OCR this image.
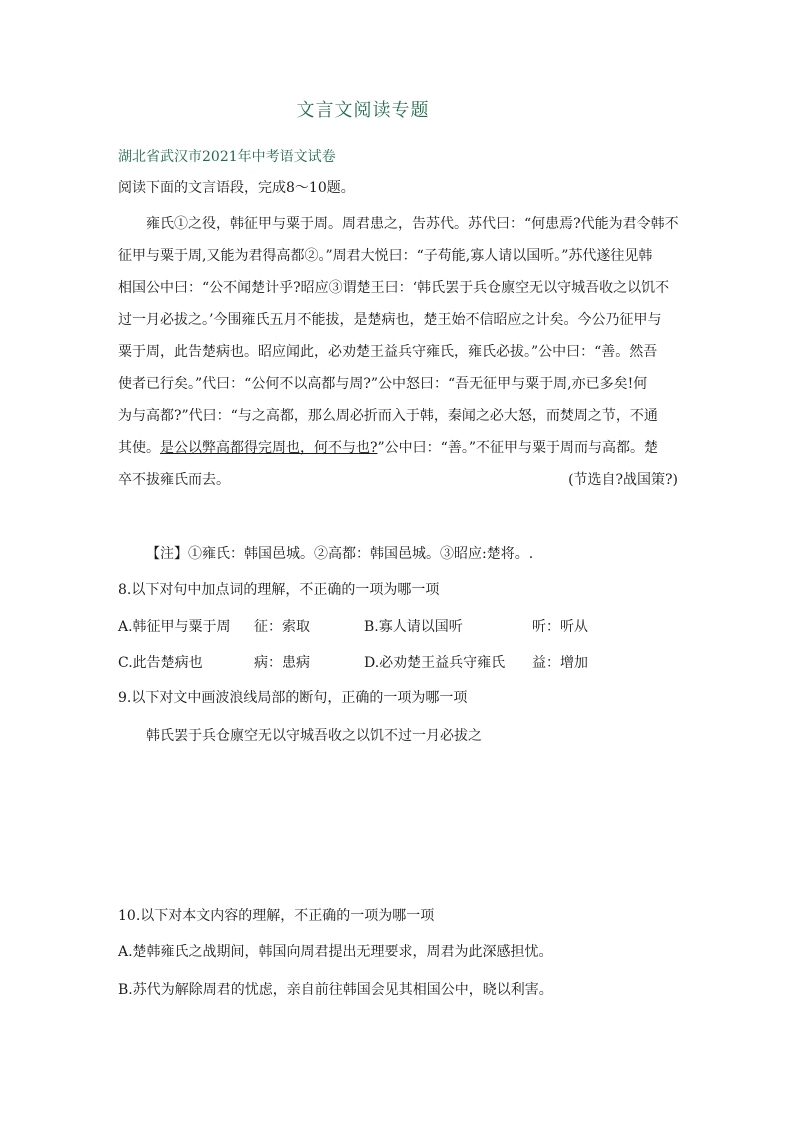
文言文阅读专题
湖北省武汉市2021年中考语文试卷
阅读下面的文言语段，完成8～10题。
雍氏①之役，韩征甲与粟于周。周君患之，告苏代。苏代曰：“何患焉?代能为君令韩不
征甲与粟于周,又能为君得高都②。”周君大悦曰：“子苟能,寡人请以国听。”苏代遂往见韩
相国公中曰：“公不闻楚计乎?昭应③谓楚王曰：‘韩氏罢于兵仓廪空无以守城吾收之以饥不
过一月必拔之。’今围雍氏五月不能拔，是楚病也，楚王始不信昭应之计矣。今公乃征甲与
粟于周，此告楚病也。昭应闻此，必劝楚王益兵守雍氏，雍氏必拔。”公中曰：“善。然吾
使者已行矣。”代曰：“公何不以高都与周?”公中怒曰：“吾无征甲与粟于周,亦已多矣!何
为与高都?”代曰：“与之高都，那么周必折而入于韩，秦闻之必大怒，而焚周之节，不通
其使。是公以弊高都得完周也，何不与也?”公中曰：“善。”不征甲与粟于周而与高都。楚
卒不拔雍氏而去。	(节选自?战国策?)
【注】①雍氏：韩国邑城。②高都：韩国邑城。③昭应:楚将。.
8.以下对句中加点词的理解，不正确的一项为哪一项
A.韩征甲与粟于周 征：索取	B.寡人请以国听	听：听从
C.此告楚病也	病：患病	D.必劝楚王益兵守雍氏 益：增加
9.以下对文中画波浪线局部的断句，正确的一项为哪一项
韩氏罢于兵仓廪空无以守城吾收之以饥不过一月必拔之
10.以下对本文内容的理解，不正确的一项为哪一项
A.楚韩雍氏之战期间，韩国向周君提出无理要求，周君为此深感担忧。
B.苏代为解除周君的忧虑，亲自前往韩国会见其相国公中，晓以利害。
